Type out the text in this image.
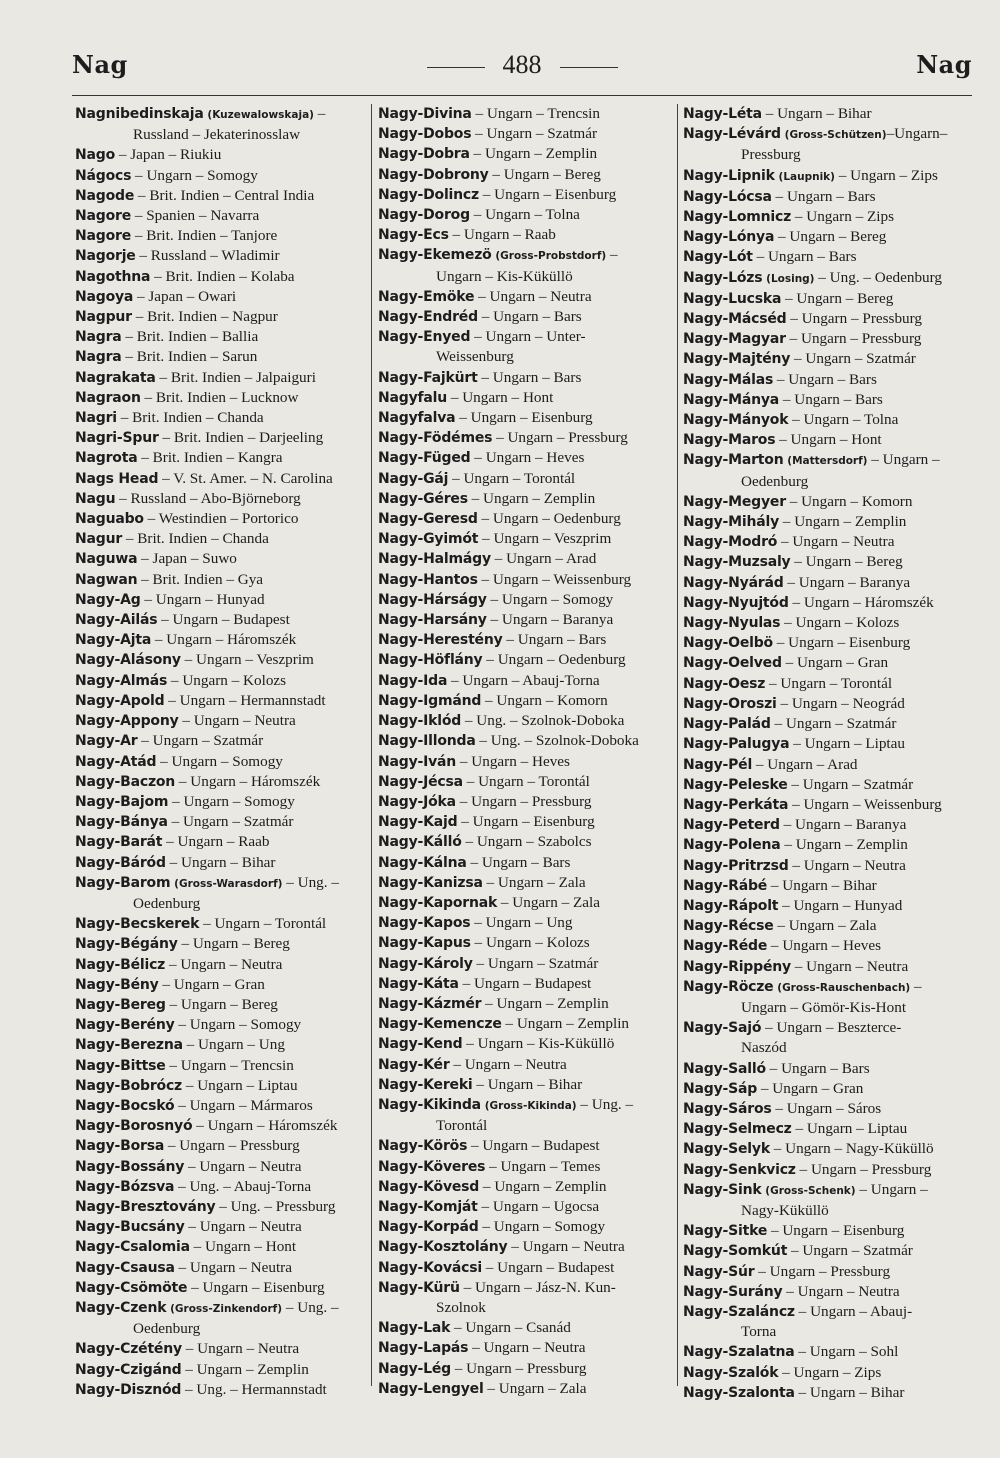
Nag	488	Nag
Nagnibedinskaja (Kuzewalowskaja) –
Russland – Jekaterinosslaw
Nago – Japan – Riukiu
Nágocs – Ungarn – Somogy
Nagode – Brit. Indien – Central India
Nagore – Spanien – Navarra
Nagore – Brit. Indien – Tanjore
Nagorje – Russland – Wladimir
Nagothna – Brit. Indien – Kolaba
Nagoya – Japan – Owari
Nagpur – Brit. Indien – Nagpur
Nagra – Brit. Indien – Ballia
Nagra – Brit. Indien – Sarun
Nagrakata – Brit. Indien – Jalpaiguri
Nagraon – Brit. Indien – Lucknow
Nagri – Brit. Indien – Chanda
Nagri-Spur – Brit. Indien – Darjeeling
Nagrota – Brit. Indien – Kangra
Nags Head – V. St. Amer. – N. Carolina
Nagu – Russland – Abo-Björneborg
Naguabo – Westindien – Portorico
Nagur – Brit. Indien – Chanda
Naguwa – Japan – Suwo
Nagwan – Brit. Indien – Gya
Nagy-Ag – Ungarn – Hunyad
Nagy-Ailás – Ungarn – Budapest
Nagy-Ajta – Ungarn – Háromszék
Nagy-Alásony – Ungarn – Veszprim
Nagy-Almás – Ungarn – Kolozs
Nagy-Apold – Ungarn – Hermannstadt
Nagy-Appony – Ungarn – Neutra
Nagy-Ar – Ungarn – Szatmár
Nagy-Atád – Ungarn – Somogy
Nagy-Baczon – Ungarn – Háromszék
Nagy-Bajom – Ungarn – Somogy
Nagy-Bánya – Ungarn – Szatmár
Nagy-Barát – Ungarn – Raab
Nagy-Báród – Ungarn – Bihar
Nagy-Barom (Gross-Warasdorf) – Ung. –
Oedenburg
Nagy-Becskerek – Ungarn – Torontál
Nagy-Bégány – Ungarn – Bereg
Nagy-Bélicz – Ungarn – Neutra
Nagy-Bény – Ungarn – Gran
Nagy-Bereg – Ungarn – Bereg
Nagy-Berény – Ungarn – Somogy
Nagy-Berezna – Ungarn – Ung
Nagy-Bittse – Ungarn – Trencsin
Nagy-Bobrócz – Ungarn – Liptau
Nagy-Bocskó – Ungarn – Mármaros
Nagy-Borosnyó – Ungarn – Háromszék
Nagy-Borsa – Ungarn – Pressburg
Nagy-Bossány – Ungarn – Neutra
Nagy-Bózsva – Ung. – Abauj-Torna
Nagy-Bresztovány – Ung. – Pressburg
Nagy-Bucsány – Ungarn – Neutra
Nagy-Csalomia – Ungarn – Hont
Nagy-Csausa – Ungarn – Neutra
Nagy-Csömöte – Ungarn – Eisenburg
Nagy-Czenk (Gross-Zinkendorf) – Ung. –
Oedenburg
Nagy-Czétény – Ungarn – Neutra
Nagy-Czigánd – Ungarn – Zemplin
Nagy-Disznód – Ung. – Hermannstadt
Nagy-Divina – Ungarn – Trencsin
Nagy-Dobos – Ungarn – Szatmár
Nagy-Dobra – Ungarn – Zemplin
Nagy-Dobrony – Ungarn – Bereg
Nagy-Dolincz – Ungarn – Eisenburg
Nagy-Dorog – Ungarn – Tolna
Nagy-Ecs – Ungarn – Raab
Nagy-Ekemezö (Gross-Probstdorf) –
Ungarn – Kis-Küküllö
Nagy-Emöke – Ungarn – Neutra
Nagy-Endréd – Ungarn – Bars
Nagy-Enyed – Ungarn – Unter-
Weissenburg
Nagy-Fajkürt – Ungarn – Bars
Nagyfalu – Ungarn – Hont
Nagyfalva – Ungarn – Eisenburg
Nagy-Födémes – Ungarn – Pressburg
Nagy-Füged – Ungarn – Heves
Nagy-Gáj – Ungarn – Torontál
Nagy-Géres – Ungarn – Zemplin
Nagy-Geresd – Ungarn – Oedenburg
Nagy-Gyimót – Ungarn – Veszprim
Nagy-Halmágy – Ungarn – Arad
Nagy-Hantos – Ungarn – Weissenburg
Nagy-Hárságy – Ungarn – Somogy
Nagy-Harsány – Ungarn – Baranya
Nagy-Herestény – Ungarn – Bars
Nagy-Höflány – Ungarn – Oedenburg
Nagy-Ida – Ungarn – Abauj-Torna
Nagy-Igmánd – Ungarn – Komorn
Nagy-Iklód – Ung. – Szolnok-Doboka
Nagy-Illonda – Ung. – Szolnok-Doboka
Nagy-Iván – Ungarn – Heves
Nagy-Jécsa – Ungarn – Torontál
Nagy-Jóka – Ungarn – Pressburg
Nagy-Kajd – Ungarn – Eisenburg
Nagy-Kálló – Ungarn – Szabolcs
Nagy-Kálna – Ungarn – Bars
Nagy-Kanizsa – Ungarn – Zala
Nagy-Kapornak – Ungarn – Zala
Nagy-Kapos – Ungarn – Ung
Nagy-Kapus – Ungarn – Kolozs
Nagy-Károly – Ungarn – Szatmár
Nagy-Káta – Ungarn – Budapest
Nagy-Kázmér – Ungarn – Zemplin
Nagy-Kemencze – Ungarn – Zemplin
Nagy-Kend – Ungarn – Kis-Küküllö
Nagy-Kér – Ungarn – Neutra
Nagy-Kereki – Ungarn – Bihar
Nagy-Kikinda (Gross-Kikinda) – Ung. –
Torontál
Nagy-Körös – Ungarn – Budapest
Nagy-Köveres – Ungarn – Temes
Nagy-Kövesd – Ungarn – Zemplin
Nagy-Komját – Ungarn – Ugocsa
Nagy-Korpád – Ungarn – Somogy
Nagy-Kosztolány – Ungarn – Neutra
Nagy-Kovácsi – Ungarn – Budapest
Nagy-Kürü – Ungarn – Jász-N. Kun-
Szolnok
Nagy-Lak – Ungarn – Csanád
Nagy-Lapás – Ungarn – Neutra
Nagy-Lég – Ungarn – Pressburg
Nagy-Lengyel – Ungarn – Zala
Nagy-Léta – Ungarn – Bihar
Nagy-Lévárd (Gross-Schützen)–Ungarn–
Pressburg
Nagy-Lipnik (Laupnik) – Ungarn – Zips
Nagy-Lócsa – Ungarn – Bars
Nagy-Lomnicz – Ungarn – Zips
Nagy-Lónya – Ungarn – Bereg
Nagy-Lót – Ungarn – Bars
Nagy-Lózs (Losing) – Ung. – Oedenburg
Nagy-Lucska – Ungarn – Bereg
Nagy-Mácséd – Ungarn – Pressburg
Nagy-Magyar – Ungarn – Pressburg
Nagy-Majtény – Ungarn – Szatmár
Nagy-Málas – Ungarn – Bars
Nagy-Mánya – Ungarn – Bars
Nagy-Mányok – Ungarn – Tolna
Nagy-Maros – Ungarn – Hont
Nagy-Marton (Mattersdorf) – Ungarn –
Oedenburg
Nagy-Megyer – Ungarn – Komorn
Nagy-Mihály – Ungarn – Zemplin
Nagy-Modró – Ungarn – Neutra
Nagy-Muzsaly – Ungarn – Bereg
Nagy-Nyárád – Ungarn – Baranya
Nagy-Nyujtód – Ungarn – Háromszék
Nagy-Nyulas – Ungarn – Kolozs
Nagy-Oelbö – Ungarn – Eisenburg
Nagy-Oelved – Ungarn – Gran
Nagy-Oesz – Ungarn – Torontál
Nagy-Oroszi – Ungarn – Neográd
Nagy-Palád – Ungarn – Szatmár
Nagy-Palugya – Ungarn – Liptau
Nagy-Pél – Ungarn – Arad
Nagy-Peleske – Ungarn – Szatmár
Nagy-Perkáta – Ungarn – Weissenburg
Nagy-Peterd – Ungarn – Baranya
Nagy-Polena – Ungarn – Zemplin
Nagy-Pritrzsd – Ungarn – Neutra
Nagy-Rábé – Ungarn – Bihar
Nagy-Rápolt – Ungarn – Hunyad
Nagy-Récse – Ungarn – Zala
Nagy-Réde – Ungarn – Heves
Nagy-Rippény – Ungarn – Neutra
Nagy-Röcze (Gross-Rauschenbach) –
Ungarn – Gömör-Kis-Hont
Nagy-Sajó – Ungarn – Beszterce-
Naszód
Nagy-Salló – Ungarn – Bars
Nagy-Sáp – Ungarn – Gran
Nagy-Sáros – Ungarn – Sáros
Nagy-Selmecz – Ungarn – Liptau
Nagy-Selyk – Ungarn – Nagy-Küküllö
Nagy-Senkvicz – Ungarn – Pressburg
Nagy-Sink (Gross-Schenk) – Ungarn –
Nagy-Küküllö
Nagy-Sitke – Ungarn – Eisenburg
Nagy-Somkút – Ungarn – Szatmár
Nagy-Súr – Ungarn – Pressburg
Nagy-Surány – Ungarn – Neutra
Nagy-Szaláncz – Ungarn – Abauj-
Torna
Nagy-Szalatna – Ungarn – Sohl
Nagy-Szalók – Ungarn – Zips
Nagy-Szalonta – Ungarn – Bihar
